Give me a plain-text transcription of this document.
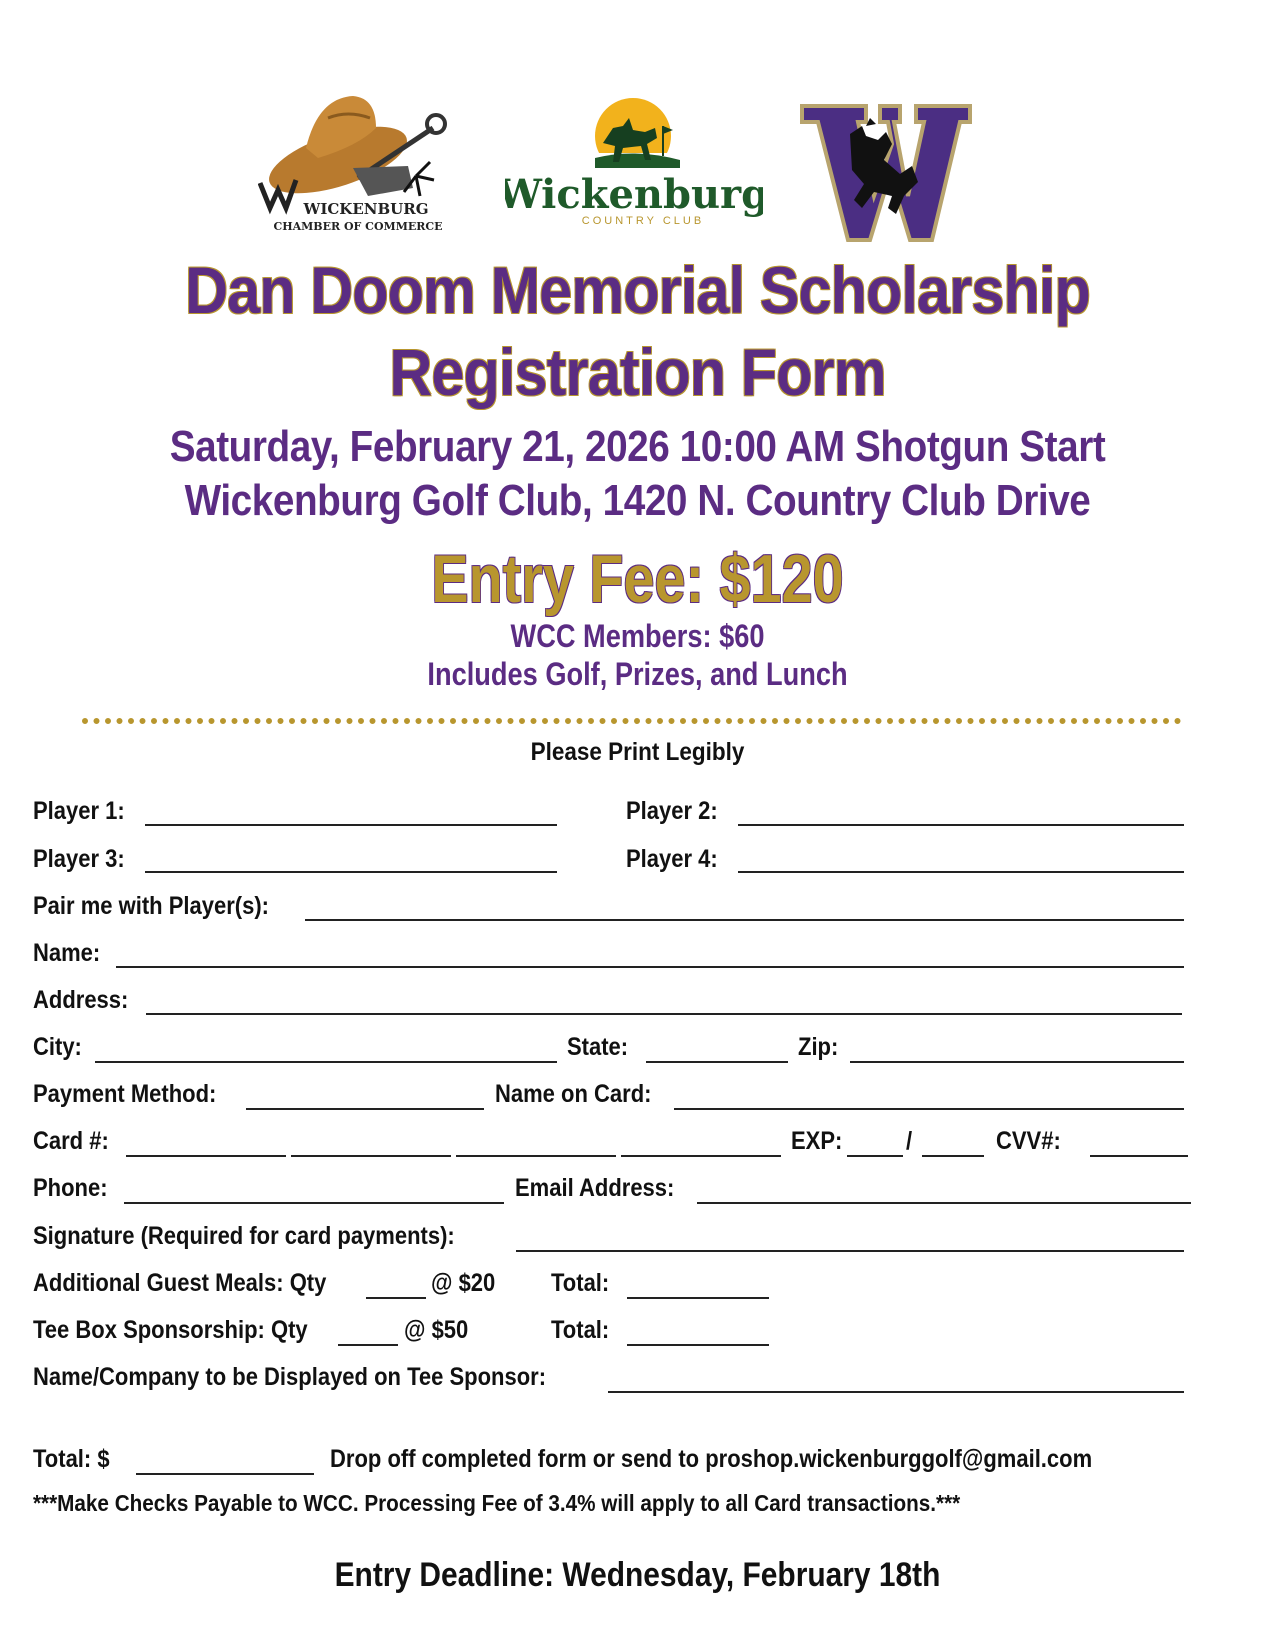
WICKENBURG
CHAMBER OF COMMERCE
Wickenburg
COUNTRY CLUB
Dan Doom Memorial Scholarship
Registration Form
Saturday, February 21, 2026 10:00 AM Shotgun Start
Wickenburg Golf Club, 1420 N. Country Club Drive
Entry Fee: $120
WCC Members: $60
Includes Golf, Prizes, and Lunch
Please Print Legibly
Player 1:	Player 2:
Player 3:	Player 4:
Pair me with Player(s):
Name:
Address:
City:	State:	Zip:
Payment Method:	Name on Card:
Card #:	EXP:	/	CVV#:
Phone:	Email Address:
Signature (Required for card payments):
Additional Guest Meals: Qty	@ $20 Total:
Tee Box Sponsorship: Qty	@ $50	Total:
Name/Company to be Displayed on Tee Sponsor:
Total: $	Drop off completed form or send to proshop.wickenburggolf@gmail.com
***Make Checks Payable to WCC. Processing Fee of 3.4% will apply to all Card transactions.***
Entry Deadline: Wednesday, February 18th
